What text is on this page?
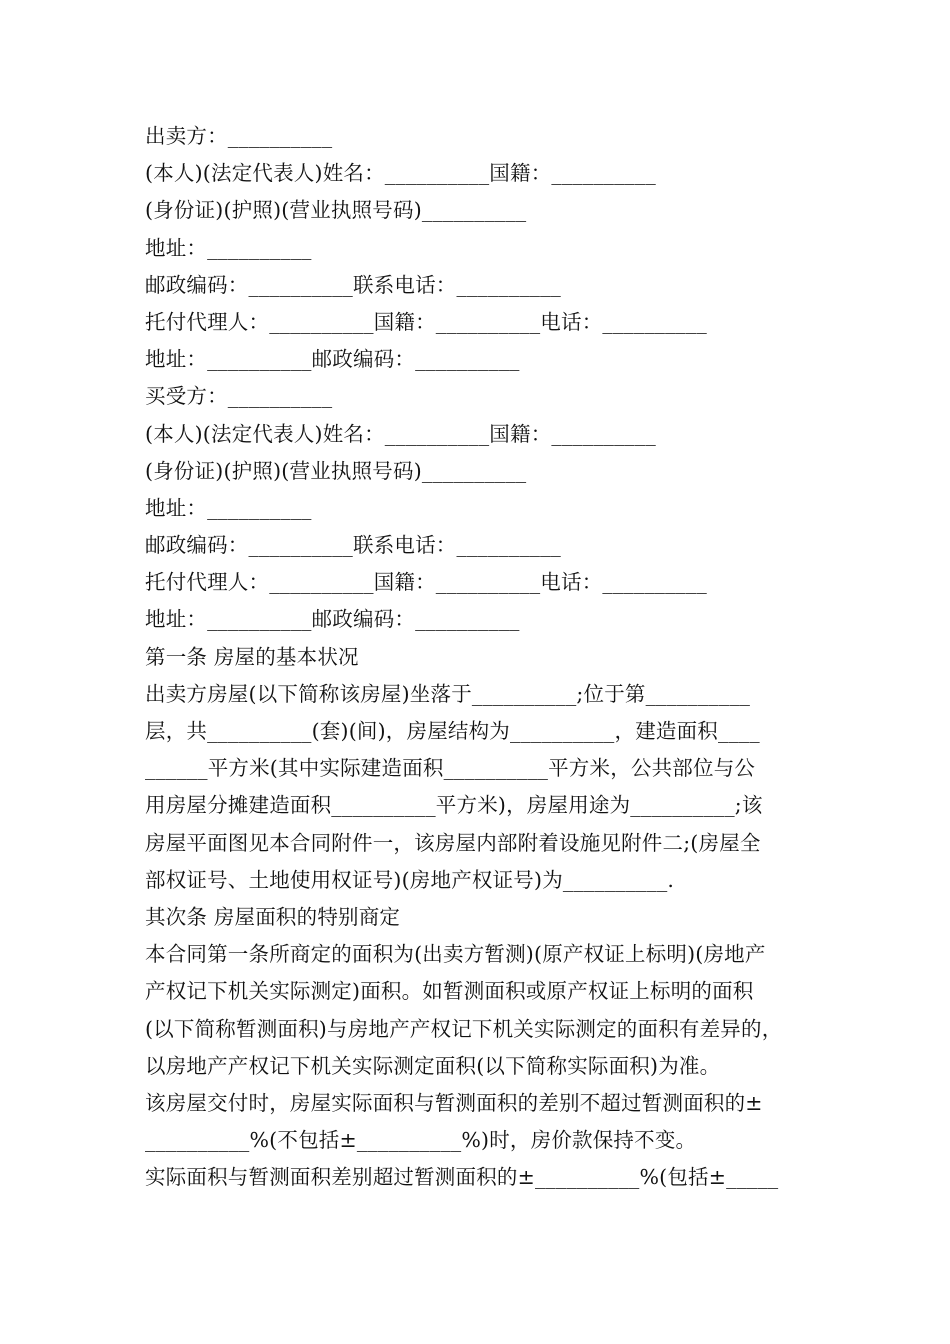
出卖方：__________
(本人)(法定代表人)姓名：__________国籍：__________
(身份证)(护照)(营业执照号码)__________
地址：__________
邮政编码：__________联系电话：__________
托付代理人：__________国籍：__________电话：__________
地址：__________邮政编码：__________
买受方：__________
(本人)(法定代表人)姓名：__________国籍：__________
(身份证)(护照)(营业执照号码)__________
地址：__________
邮政编码：__________联系电话：__________
托付代理人：__________国籍：__________电话：__________
地址：__________邮政编码：__________
第一条 房屋的基本状况
出卖方房屋(以下简称该房屋)坐落于__________;位于第__________
层，共__________(套)(间)，房屋结构为__________，建造面积____
______平方米(其中实际建造面积__________平方米，公共部位与公
用房屋分摊建造面积__________平方米)，房屋用途为__________;该
房屋平面图见本合同附件一，该房屋内部附着设施见附件二;(房屋全
部权证号、土地使用权证号)(房地产权证号)为__________.
其次条 房屋面积的特别商定
本合同第一条所商定的面积为(出卖方暂测)(原产权证上标明)(房地产
产权记下机关实际测定)面积。如暂测面积或原产权证上标明的面积
(以下简称暂测面积)与房地产产权记下机关实际测定的面积有差异的，
以房地产产权记下机关实际测定面积(以下简称实际面积)为准。
该房屋交付时，房屋实际面积与暂测面积的差别不超过暂测面积的±
__________%(不包括±__________%)时，房价款保持不变。
实际面积与暂测面积差别超过暂测面积的±__________%(包括±_____
